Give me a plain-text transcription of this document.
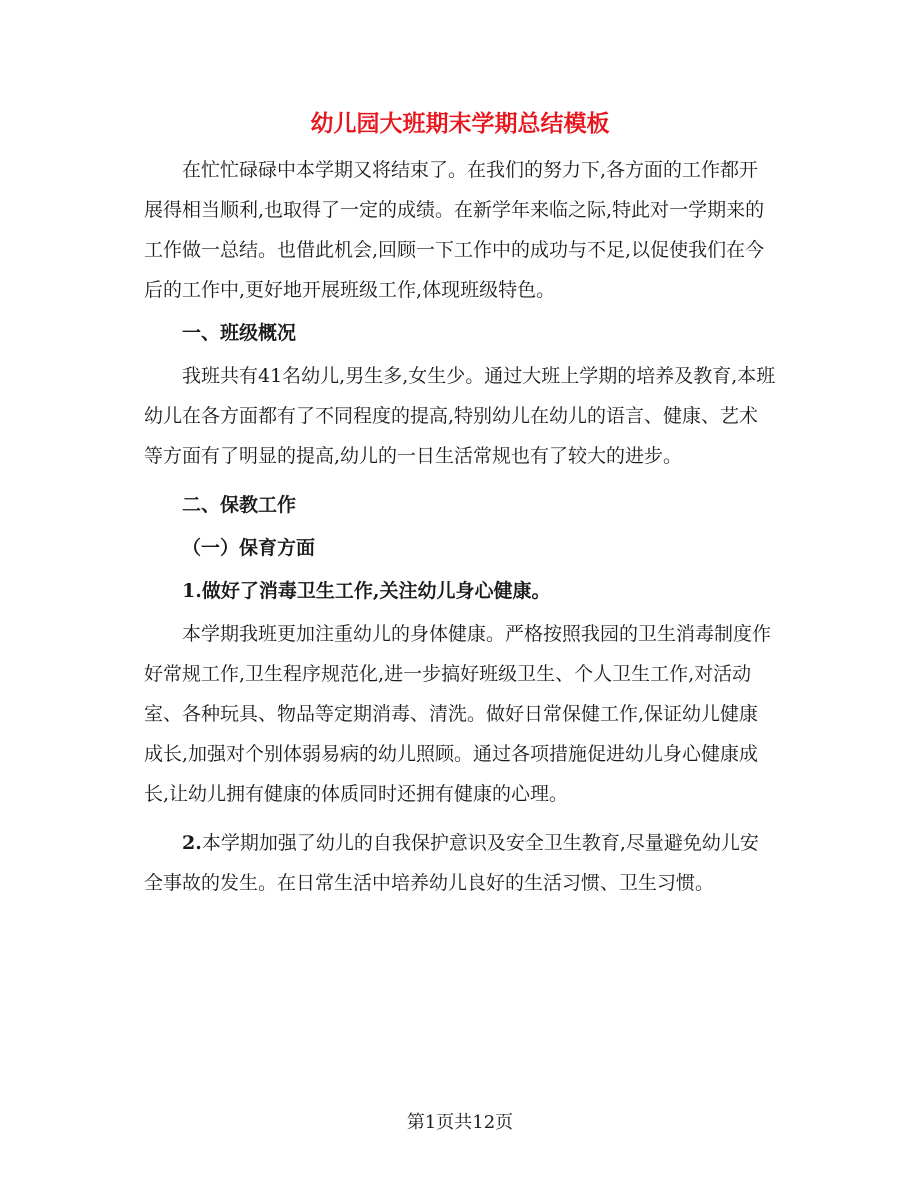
幼儿园大班期末学期总结模板

在忙忙碌碌中本学期又将结束了。在我们的努力下,各方面的工作都开展得相当顺利,也取得了一定的成绩。在新学年来临之际,特此对一学期来的工作做一总结。也借此机会,回顾一下工作中的成功与不足,以促使我们在今后的工作中,更好地开展班级工作,体现班级特色。

一、班级概况

我班共有41名幼儿,男生多,女生少。通过大班上学期的培养及教育,本班幼儿在各方面都有了不同程度的提高,特别幼儿在幼儿的语言、健康、艺术等方面有了明显的提高,幼儿的一日生活常规也有了较大的进步。

二、保教工作

（一）保育方面

1.做好了消毒卫生工作,关注幼儿身心健康。

本学期我班更加注重幼儿的身体健康。严格按照我园的卫生消毒制度作好常规工作,卫生程序规范化,进一步搞好班级卫生、个人卫生工作,对活动室、各种玩具、物品等定期消毒、清洗。做好日常保健工作,保证幼儿健康成长,加强对个别体弱易病的幼儿照顾。通过各项措施促进幼儿身心健康成长,让幼儿拥有健康的体质同时还拥有健康的心理。

2.本学期加强了幼儿的自我保护意识及安全卫生教育,尽量避免幼儿安全事故的发生。在日常生活中培养幼儿良好的生活习惯、卫生习惯。

第1页共12页
